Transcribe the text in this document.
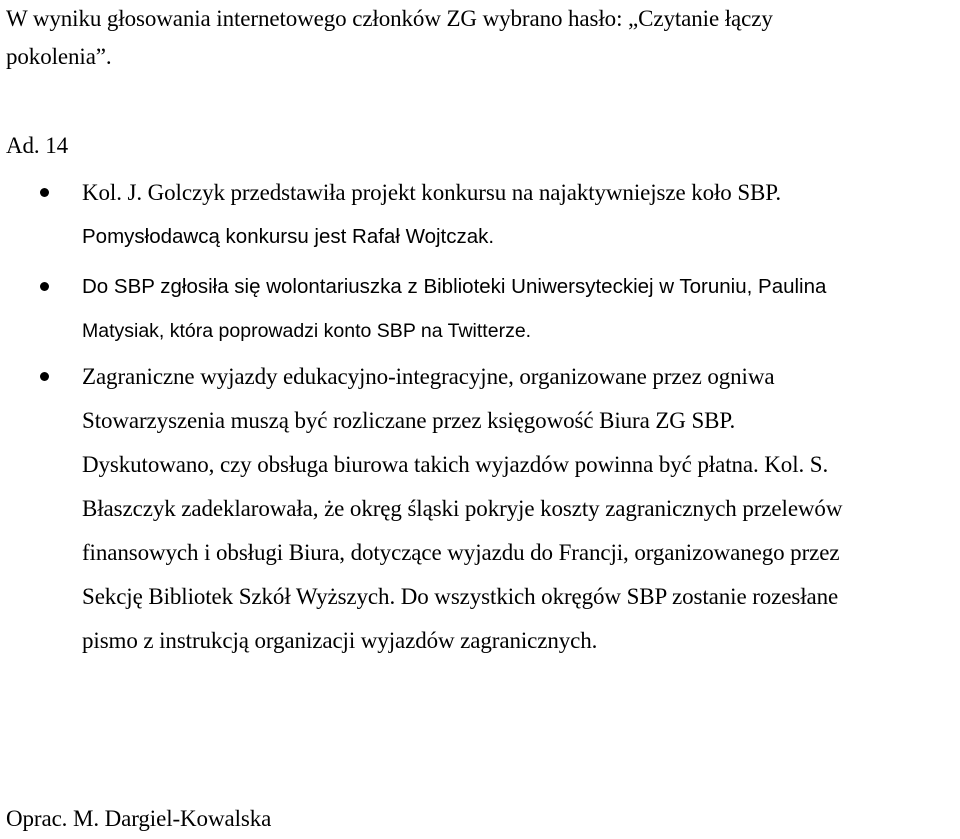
W wyniku głosowania internetowego członków ZG wybrano hasło: „Czytanie łączy
pokolenia”.
Ad. 14
Kol. J. Golczyk przedstawiła projekt konkursu na najaktywniejsze koło SBP.
Pomysłodawcą konkursu jest Rafał Wojtczak.
Do SBP zgłosiła się wolontariuszka z Biblioteki Uniwersyteckiej w Toruniu, Paulina
Matysiak, która poprowadzi konto SBP na Twitterze.
Zagraniczne wyjazdy edukacyjno-integracyjne, organizowane przez ogniwa
Stowarzyszenia muszą być rozliczane przez księgowość Biura ZG SBP.
Dyskutowano, czy obsługa biurowa takich wyjazdów powinna być płatna. Kol. S.
Błaszczyk zadeklarowała, że okręg śląski pokryje koszty zagranicznych przelewów
finansowych i obsługi Biura, dotyczące wyjazdu do Francji, organizowanego przez
Sekcję Bibliotek Szkół Wyższych. Do wszystkich okręgów SBP zostanie rozesłane
pismo z instrukcją organizacji wyjazdów zagranicznych.
Oprac. M. Dargiel-Kowalska
